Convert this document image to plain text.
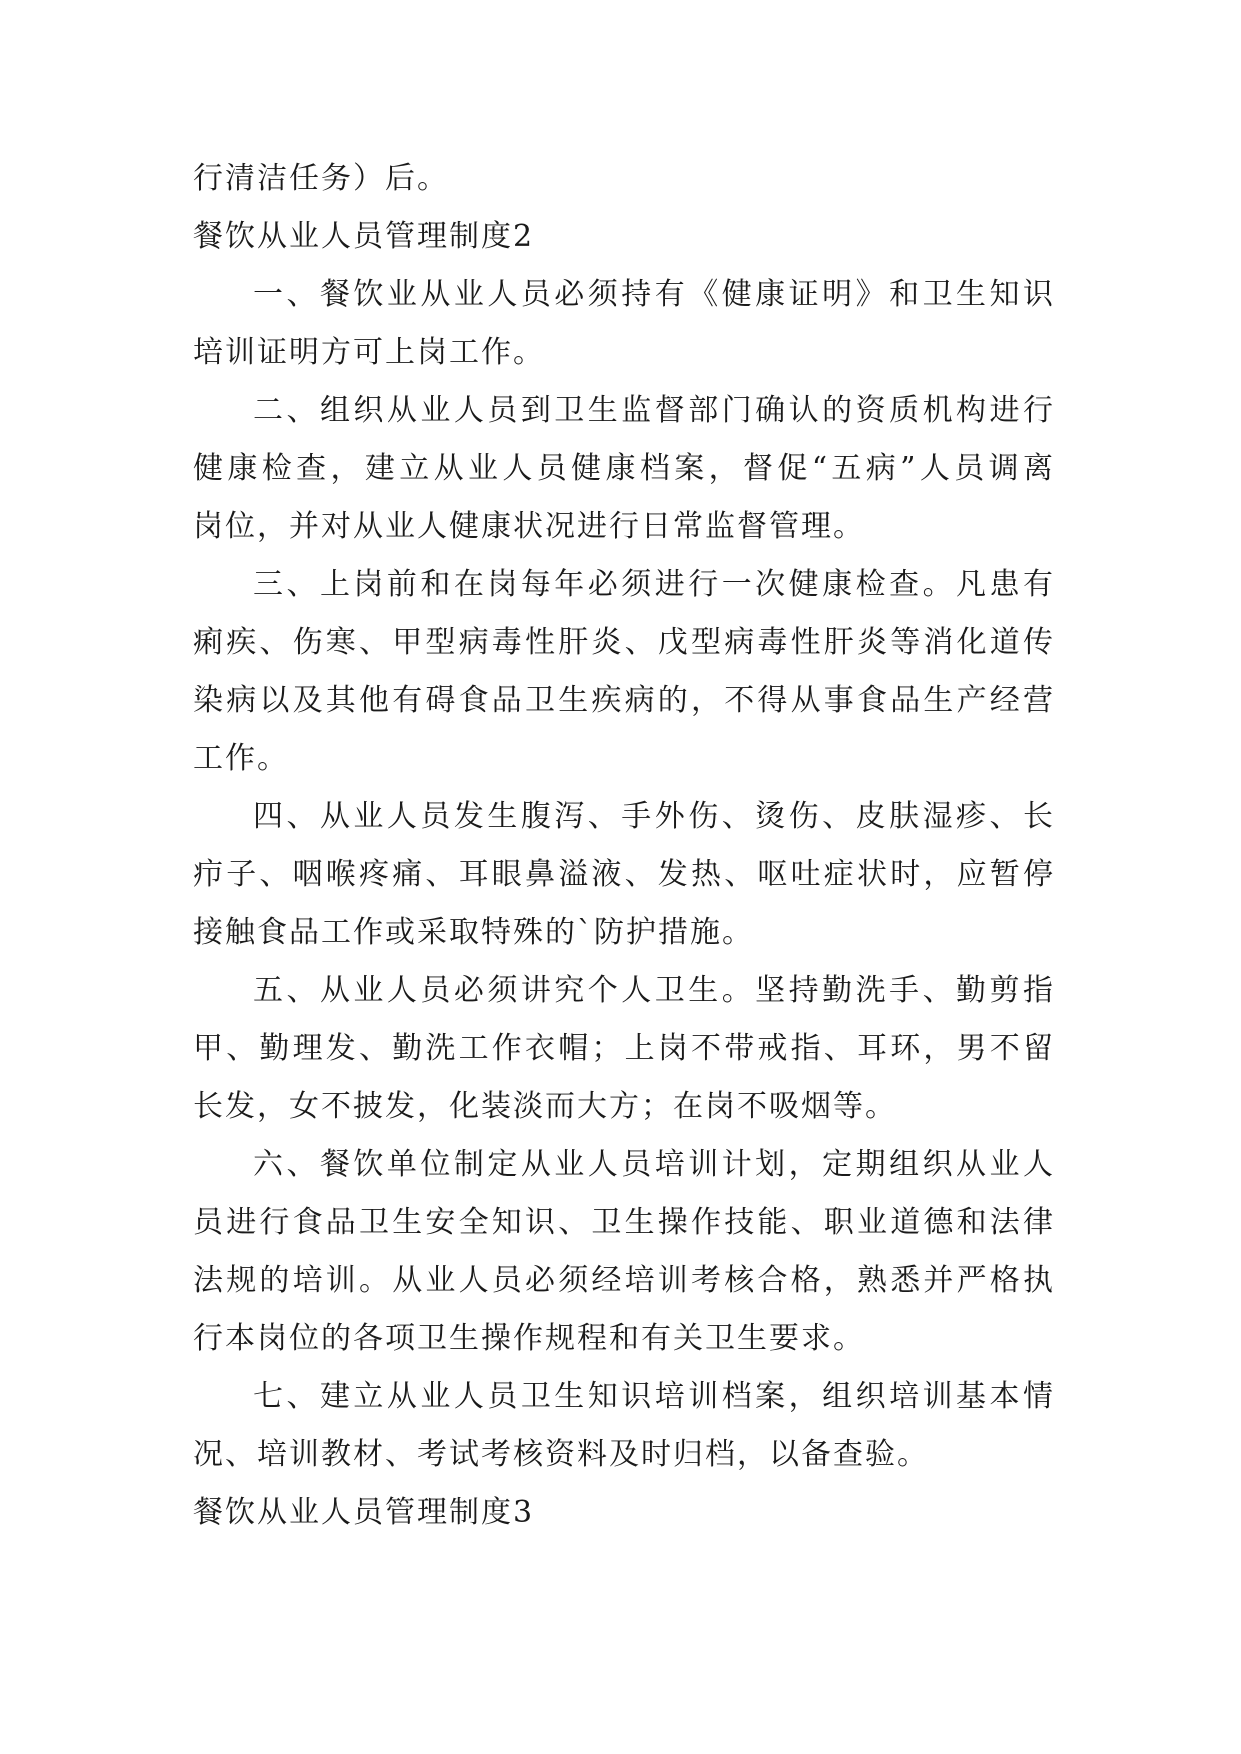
行清洁任务）后。
餐饮从业人员管理制度2
一、餐饮业从业人员必须持有《健康证明》和卫生知识
培训证明方可上岗工作。
二、组织从业人员到卫生监督部门确认的资质机构进行
健康检查，建立从业人员健康档案，督促“五病”人员调离
岗位，并对从业人健康状况进行日常监督管理。
三、上岗前和在岗每年必须进行一次健康检查。凡患有
痢疾、伤寒、甲型病毒性肝炎、戊型病毒性肝炎等消化道传
染病以及其他有碍食品卫生疾病的，不得从事食品生产经营
工作。
四、从业人员发生腹泻、手外伤、烫伤、皮肤湿疹、长
疖子、咽喉疼痛、耳眼鼻溢液、发热、呕吐症状时，应暂停
接触食品工作或采取特殊的`防护措施。
五、从业人员必须讲究个人卫生。坚持勤洗手、勤剪指
甲、勤理发、勤洗工作衣帽；上岗不带戒指、耳环，男不留
长发，女不披发，化装淡而大方；在岗不吸烟等。
六、餐饮单位制定从业人员培训计划，定期组织从业人
员进行食品卫生安全知识、卫生操作技能、职业道德和法律
法规的培训。从业人员必须经培训考核合格，熟悉并严格执
行本岗位的各项卫生操作规程和有关卫生要求。
七、建立从业人员卫生知识培训档案，组织培训基本情
况、培训教材、考试考核资料及时归档，以备查验。
餐饮从业人员管理制度3
